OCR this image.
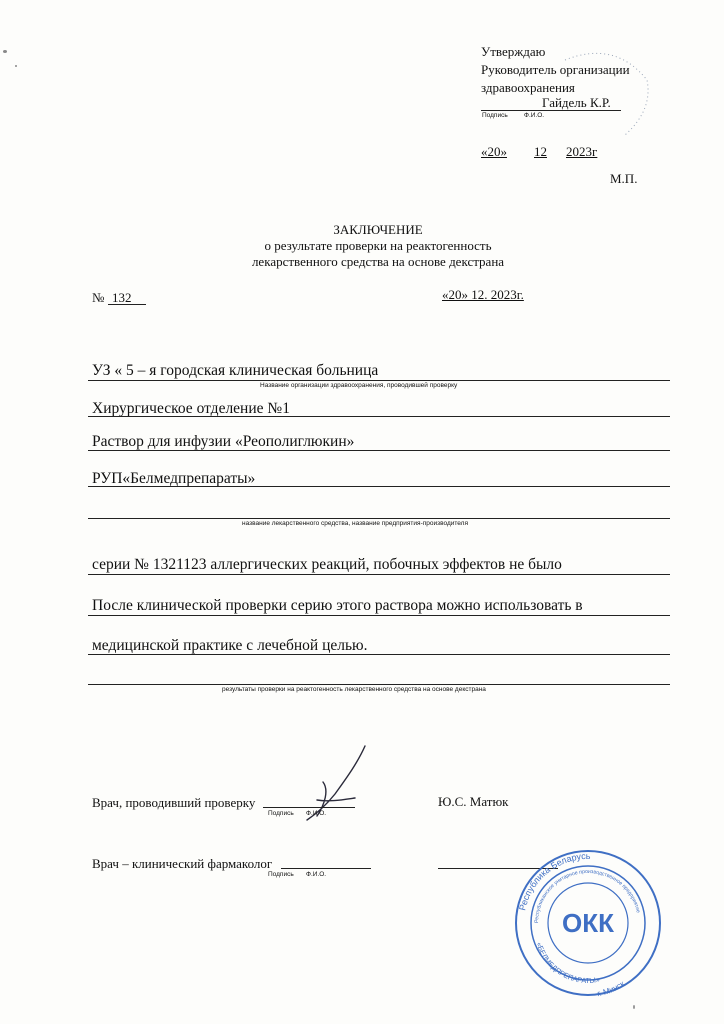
Утверждаю
Руководитель организации
здравоохранения
Гайдель К.Р.
Подпись	Ф.И.О.
«20» 12 2023г
М.П.
ЗАКЛЮЧЕНИЕ
о результате проверки на реактогенность
лекарственного средства на основе декстрана
№ 132	«20» 12. 2023г.
УЗ « 5 – я городская клиническая больница
Название организации здравоохранения, проводившей проверку
Хирургическое отделение №1
Раствор для инфузии «Реополиглюкин»
РУП«Белмедпрепараты»
название лекарственного средства, название предприятия-производителя
серии № 1321123 аллергических реакций, побочных эффектов не было
После клинической проверки серию этого раствора можно использовать в
медицинской практике с лечебной целью.
результаты проверки на реактогенность лекарственного средства на основе декстрана
Врач, проводивший проверку
Подпись Ф.И.О.
Ю.С. Матюк
Врач – клинический фармаколог
Подпись Ф.И.О.
Республика Беларусь
Республиканское унитарное производственное предприятие
«БЕЛМЕДПРЕПАРАТЫ»
г. Минск
ОКК
